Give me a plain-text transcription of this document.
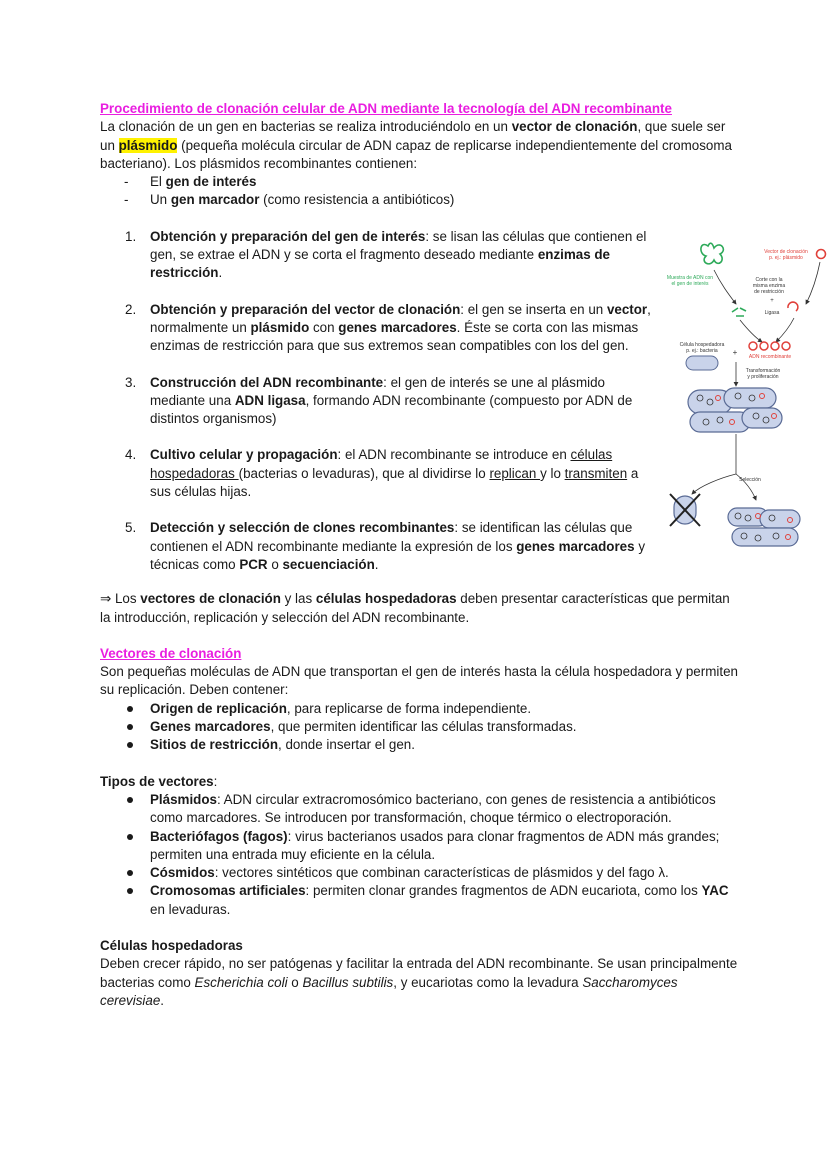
Procedimiento de clonación celular de ADN mediante la tecnología del ADN recombinante

La clonación de un gen en bacterias se realiza introduciéndolo en un vector de clonación, que suele ser un plásmido (pequeña molécula circular de ADN capaz de replicarse independientemente del cromosoma bacteriano). Los plásmidos recombinantes contienen:

- El gen de interés
- Un gen marcador (como resistencia a antibióticos)
1. Obtención y preparación del gen de interés: se lisan las células que contienen el gen, se extrae el ADN y se corta el fragmento deseado mediante enzimas de restricción.
2. Obtención y preparación del vector de clonación: el gen se inserta en un vector, normalmente un plásmido con genes marcadores. Éste se corta con las mismas enzimas de restricción para que sus extremos sean compatibles con los del gen.
3. Construcción del ADN recombinante: el gen de interés se une al plásmido mediante una ADN ligasa, formando ADN recombinante (compuesto por ADN de distintos organismos)
4. Cultivo celular y propagación: el ADN recombinante se introduce en células hospedadoras (bacterias o levaduras), que al dividirse lo replican y lo transmiten a sus células hijas.
5. Detección y selección de clones recombinantes: se identifican las células que contienen el ADN recombinante mediante la expresión de los genes marcadores y técnicas como PCR o secuenciación.

⇒ Los vectores de clonación y las células hospedadoras deben presentar características que permitan la introducción, replicación y selección del ADN recombinante.

Vectores de clonación

Son pequeñas moléculas de ADN que transportan el gen de interés hasta la célula hospedadora y permiten su replicación. Deben contener:

Origen de replicación, para replicarse de forma independiente.
Genes marcadores, que permiten identificar las células transformadas.
Sitios de restricción, donde insertar el gen.

Tipos de vectores:

Plásmidos: ADN circular extracromosómico bacteriano, con genes de resistencia a antibióticos como marcadores. Se introducen por transformación, choque térmico o electroporación.
Bacteriófagos (fagos): virus bacterianos usados para clonar fragmentos de ADN más grandes; permiten una entrada muy eficiente en la célula.
Cósmidos: vectores sintéticos que combinan características de plásmidos y del fago λ.
Cromosomas artificiales: permiten clonar grandes fragmentos de ADN eucariota, como los YAC en levaduras.

Células hospedadoras

Deben crecer rápido, no ser patógenas y facilitar la entrada del ADN recombinante. Se usan principalmente bacterias como Escherichia coli o Bacillus subtilis, y eucariotas como la levadura Saccharomyces cerevisiae.

Muestra de ADN con
el gen de interés
Vector de clonación
p. ej.: plásmido
Corte con la
misma enzima
de restricción
+
Ligasa
Célula hospedadora
p. ej.: bacteria + ADN recombinante
Transformación
y proliferación
Selección
